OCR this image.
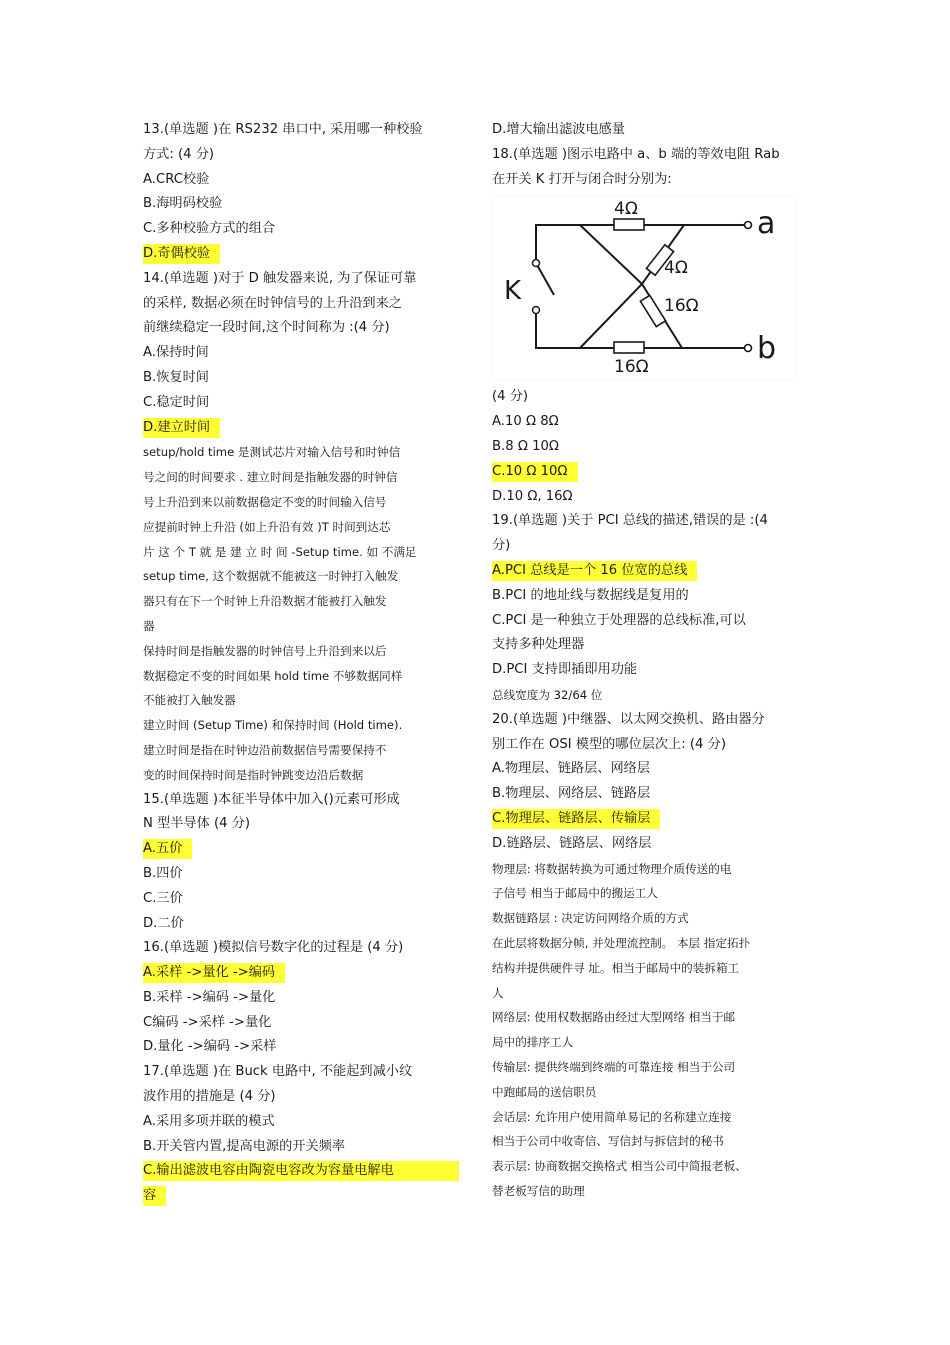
13.(单选题 )在 RS232 串口中, 采用哪一种校验
方式: (4 分)
A.CRC校验
B.海明码校验
C.多种校验方式的组合
D.奇偶校验
14.(单选题 )对于 D 触发器来说, 为了保证可靠
的采样, 数据必须在时钟信号的上升沿到来之
前继续稳定一段时间,这个时间称为 :(4 分)
A.保持时间
B.恢复时间
C.稳定时间
D.建立时间
setup/hold time 是测试芯片对输入信号和时钟信
号之间的时间要求 . 建立时间是指触发器的时钟信
号上升沿到来以前数据稳定不变的时间输入信号
应提前时钟上升沿 (如上升沿有效 )T 时间到达芯
片 这 个 T 就 是 建 立 时 间 -Setup time. 如 不满足
setup time, 这个数据就不能被这一时钟打入触发
器只有在下一个时钟上升沿数据才能被打入触发
器
保持时间是指触发器的时钟信号上升沿到来以后
数据稳定不变的时间如果 hold time 不够数据同样
不能被打入触发器
建立时间 (Setup Time) 和保持时间 (Hold time).
建立时间是指在时钟边沿前数据信号需要保持不
变的时间保持时间是指时钟跳变边沿后数据
15.(单选题 )本征半导体中加入()元素可形成
N 型半导体 (4 分)
A.五价
B.四价
C.三价
D.二价
16.(单选题 )模拟信号数字化的过程是 (4 分)
A.采样 ->量化 ->编码
B.采样 ->编码 ->量化
C编码 ->采样 ->量化
D.量化 ->编码 ->采样
17.(单选题 )在 Buck 电路中, 不能起到减小纹
波作用的措施是 (4 分)
A.采用多项并联的模式
B.开关管内置,提高电源的开关频率
C.输出滤波电容由陶瓷电容改为容量电解电
容
D.增大输出滤波电感量
18.(单选题 )图示电路中 a、b 端的等效电阻 Rab
在开关 K 打开与闭合时分别为:
4Ω
4Ω
16Ω
16Ω
a
b
K
(4 分)
A.10 Ω 8Ω
B.8 Ω 10Ω
C.10 Ω 10Ω
D.10 Ω, 16Ω
19.(单选题 )关于 PCI 总线的描述,错误的是 :(4
分)
A.PCI 总线是一个 16 位宽的总线
B.PCI 的地址线与数据线是复用的
C.PCI 是一种独立于处理器的总线标准,可以
支持多种处理器
D.PCI 支持即插即用功能
总线宽度为 32/64 位
20.(单选题 )中继器、以太网交换机、路由器分
别工作在 OSI 模型的哪位层次上: (4 分)
A.物理层、链路层、网络层
B.物理层、网络层、链路层
C.物理层、链路层、传输层
D.链路层、链路层、网络层
物理层: 将数据转换为可通过物理介质传送的电
子信号 相当于邮局中的搬运工人
数据链路层 : 决定访问网络介质的方式
在此层将数据分帧, 并处理流控制。 本层 指定拓扑
结构并提供硬件寻 址。相当于邮局中的装拆箱工
人
网络层: 使用权数据路由经过大型网络 相当于邮
局中的排序工人
传输层: 提供终端到终端的可靠连接 相当于公司
中跑邮局的送信职员
会话层: 允许用户使用简单易记的名称建立连接
相当于公司中收寄信、写信封与拆信封的秘书
表示层: 协商数据交换格式 相当公司中简报老板、
替老板写信的助理
